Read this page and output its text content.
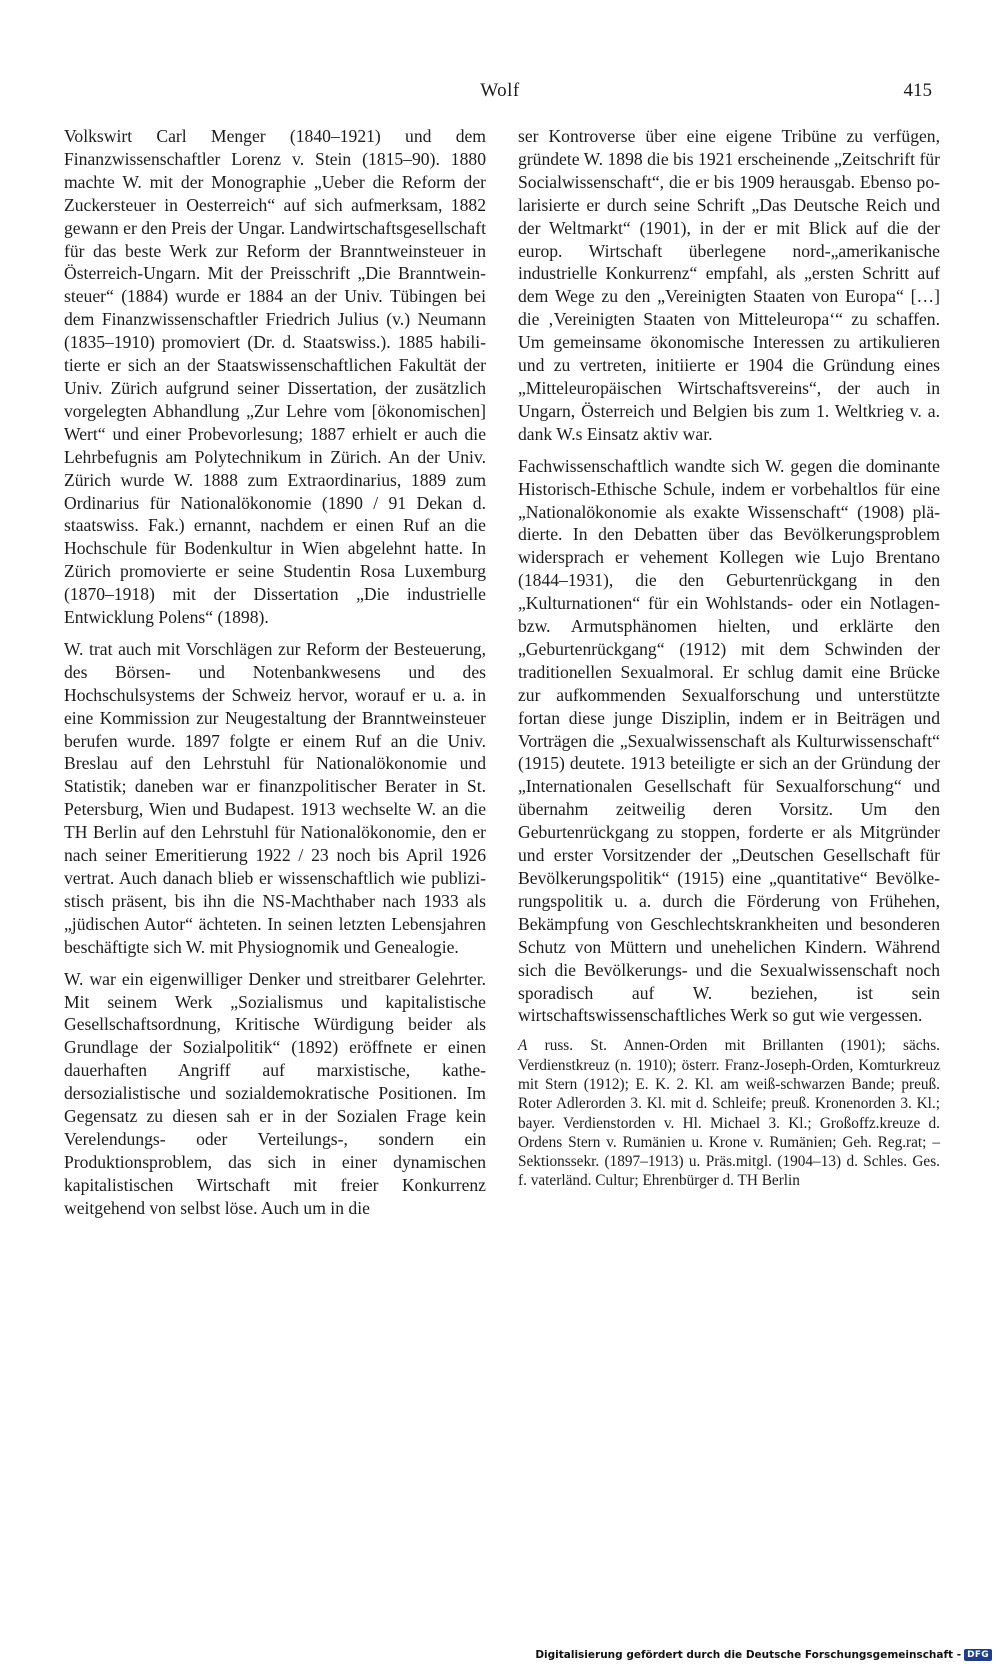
Wolf	415

Volkswirt Carl Menger (1840–1921) und dem Finanzwissenschaftler Lorenz v. Stein (1815–90). 1880 machte W. mit der Monographie „Ueber die Reform der Zuckersteuer in Oesterreich“ auf sich aufmerksam, 1882 gewann er den Preis der Ungar. Landwirtschaftsgesellschaft für das beste Werk zur Reform der Branntweinsteuer in Österreich-Ungarn. Mit der Preisschrift „Die Branntweinsteuer“ (1884) wurde er 1884 an der Univ. Tübingen bei dem Finanzwissenschaftler Friedrich Julius (v.) Neumann (1835–1910) promoviert (Dr. d. Staatswiss.). 1885 habilitierte er sich an der Staatswissenschaftlichen Fakultät der Univ. Zürich aufgrund seiner Dissertation, der zusätzlich vorgelegten Abhandlung „Zur Lehre vom [ökonomischen] Wert“ und einer Probevorlesung; 1887 erhielt er auch die Lehrbefugnis am Polytechnikum in Zürich. An der Univ. Zürich wurde W. 1888 zum Extraordinarius, 1889 zum Ordinarius für Nationalökonomie (1890 / 91 Dekan d. staatswiss. Fak.) ernannt, nachdem er einen Ruf an die Hochschule für Bodenkultur in Wien abgelehnt hatte. In Zürich promovierte er seine Studentin Rosa Luxemburg (1870–1918) mit der Dissertation „Die industrielle Entwicklung Polens“ (1898).

W. trat auch mit Vorschlägen zur Reform der Besteuerung, des Börsen- und Notenbankwesens und des Hochschulsystems der Schweiz hervor, worauf er u. a. in eine Kommission zur Neugestaltung der Branntweinsteuer berufen wurde. 1897 folgte er einem Ruf an die Univ. Breslau auf den Lehrstuhl für Nationalökonomie und Statistik; daneben war er finanzpolitischer Berater in St. Petersburg, Wien und Budapest. 1913 wechselte W. an die TH Berlin auf den Lehrstuhl für Nationalökonomie, den er nach seiner Emeritierung 1922 / 23 noch bis April 1926 vertrat. Auch danach blieb er wissenschaftlich wie publizistisch präsent, bis ihn die NS-Machthaber nach 1933 als „jüdischen Autor“ ächteten. In seinen letzten Lebensjahren beschäftigte sich W. mit Physiognomik und Genealogie.

W. war ein eigenwilliger Denker und streitbarer Gelehrter. Mit seinem Werk „Sozialismus und kapitalistische Gesellschaftsordnung, Kritische Würdigung beider als Grundlage der Sozialpolitik“ (1892) eröffnete er einen dauerhaften Angriff auf marxistische, kathedersozialistische und sozialdemokratische Positionen. Im Gegensatz zu diesen sah er in der Sozialen Frage kein Verelendungs- oder Verteilungs-, sondern ein Produktionsproblem, das sich in einer dynamischen kapitalistischen Wirtschaft mit freier Konkurrenz weitgehend von selbst löse. Auch um in die

ser Kontroverse über eine eigene Tribüne zu verfügen, gründete W. 1898 die bis 1921 erscheinende „Zeitschrift für Socialwissenschaft“, die er bis 1909 herausgab. Ebenso polarisierte er durch seine Schrift „Das Deutsche Reich und der Weltmarkt“ (1901), in der er mit Blick auf die der europ. Wirtschaft überlegene nord-„amerikanische industrielle Konkurrenz“ empfahl, als „ersten Schritt auf dem Wege zu den „Vereinigten Staaten von Europa“ […] die ‚Vereinigten Staaten von Mitteleuropa‘“ zu schaffen. Um gemeinsame ökonomische Interessen zu artikulieren und zu vertreten, initiierte er 1904 die Gründung eines „Mitteleuropäischen Wirtschaftsvereins“, der auch in Ungarn, Österreich und Belgien bis zum 1. Weltkrieg v. a. dank W.s Einsatz aktiv war.

Fachwissenschaftlich wandte sich W. gegen die dominante Historisch-Ethische Schule, indem er vorbehaltlos für eine „Nationalökonomie als exakte Wissenschaft“ (1908) plädierte. In den Debatten über das Bevölkerungsproblem widersprach er vehement Kollegen wie Lujo Brentano (1844–1931), die den Geburtenrückgang in den „Kulturnationen“ für ein Wohlstands- oder ein Notlagen- bzw. Armutsphänomen hielten, und erklärte den „Geburtenrückgang“ (1912) mit dem Schwinden der traditionellen Sexualmoral. Er schlug damit eine Brücke zur aufkommenden Sexualforschung und unterstützte fortan diese junge Disziplin, indem er in Beiträgen und Vorträgen die „Sexualwissenschaft als Kulturwissenschaft“ (1915) deutete. 1913 beteiligte er sich an der Gründung der „Internationalen Gesellschaft für Sexualforschung“ und übernahm zeitweilig deren Vorsitz. Um den Geburtenrückgang zu stoppen, forderte er als Mitgründer und erster Vorsitzender der „Deutschen Gesellschaft für Bevölkerungspolitik“ (1915) eine „quantitative“ Bevölkerungspolitik u. a. durch die Förderung von Frühehen, Bekämpfung von Geschlechtskrankheiten und besonderen Schutz von Müttern und unehelichen Kindern. Während sich die Bevölkerungs- und die Sexualwissenschaft noch sporadisch auf W. beziehen, ist sein wirtschaftswissenschaftliches Werk so gut wie vergessen.

A russ. St. Annen-Orden mit Brillanten (1901); sächs. Verdienstkreuz (n. 1910); österr. Franz-Joseph-Orden, Komturkreuz mit Stern (1912); E. K. 2. Kl. am weiß-schwarzen Bande; preuß. Roter Adlerorden 3. Kl. mit d. Schleife; preuß. Kronenorden 3. Kl.; bayer. Verdienstorden v. Hl. Michael 3. Kl.; Großoffz.kreuze d. Ordens Stern v. Rumänien u. Krone v. Rumänien; Geh. Reg.rat; – Sektionssekr. (1897–1913) u. Präs.mitgl. (1904–13) d. Schles. Ges. f. vaterländ. Cultur; Ehrenbürger d. TH Berlin

Digitalisierung gefördert durch die Deutsche Forschungsgemeinschaft - DFG
